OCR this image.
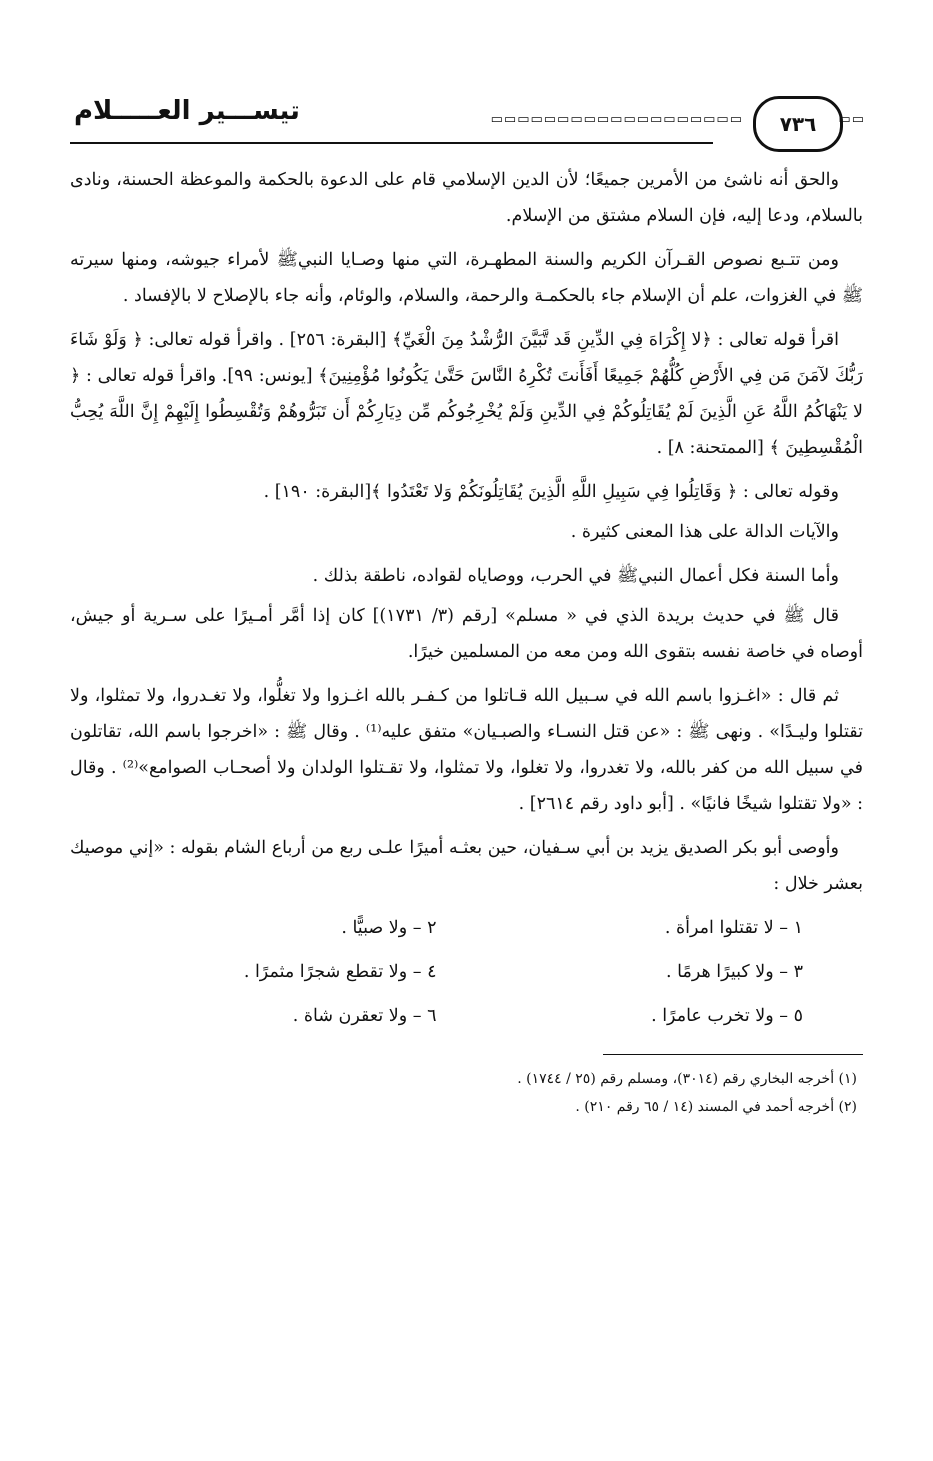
▭▭
٧٣٦
▭▭▭▭▭▭▭▭▭▭▭▭▭▭▭▭▭▭▭
تيســـير العـــــلام

والحق أنه ناشئ من الأمرين جميعًا؛ لأن الدين الإسلامي قام على الدعوة بالحكمة والموعظة الحسنة، ونادى بالسلام، ودعا إليه، فإن السلام مشتق من الإسلام.

ومن تتـبع نصوص القـرآن الكريم والسنة المطهـرة، التي منها وصـايا النبيﷺ لأمراء جيوشه، ومنها سيرته ﷺ في الغزوات، علم أن الإسلام جاء بالحكمـة والرحمة، والسلام، والوئام، وأنه جاء بالإصلاح لا بالإفساد .

اقرأ قوله تعالى : ﴿لا إِكْرَاهَ فِي الدِّينِ قَد تَّبَيَّنَ الرُّشْدُ مِنَ الْغَيِّ﴾ [البقرة: ٢٥٦] . واقرأ قوله تعالى: ﴿ وَلَوْ شَاءَ رَبُّكَ لآمَنَ مَن فِي الأَرْضِ كُلُّهُمْ جَمِيعًا أَفَأَنتَ تُكْرِهُ النَّاسَ حَتَّىٰ يَكُونُوا مُؤْمِنِينَ﴾ [يونس: ٩٩]. واقرأ قوله تعالى : ﴿ لا يَنْهَاكُمُ اللَّهُ عَنِ الَّذِينَ لَمْ يُقَاتِلُوكُمْ فِي الدِّينِ وَلَمْ يُخْرِجُوكُم مِّن دِيَارِكُمْ أَن تَبَرُّوهُمْ وَتُقْسِطُوا إِلَيْهِمْ إِنَّ اللَّهَ يُحِبُّ الْمُقْسِطِينَ ﴾ [الممتحنة: ٨] .

وقوله تعالى : ﴿ وَقَاتِلُوا فِي سَبِيلِ اللَّهِ الَّذِينَ يُقَاتِلُونَكُمْ وَلا تَعْتَدُوا ﴾[البقرة: ١٩٠] .

والآيات الدالة على هذا المعنى كثيرة .

وأما السنة فكل أعمال النبيﷺ في الحرب، ووصاياه لقواده، ناطقة بذلك .

قال ﷺ في حديث بريدة الذي في « مسلم» [رقم (٣/ ١٧٣١)] كان إذا أمَّر أمـيرًا على سـرية أو جيش، أوصاه في خاصة نفسه بتقوى الله ومن معه من المسلمين خيرًا.

ثم قال : «اغـزوا باسم الله في سـبيل الله قـاتلوا من كـفـر بالله اغـزوا ولا تغلُّوا، ولا تغـدروا، ولا تمثلوا، ولا تقتلوا وليـدًا» . ونهى ﷺ : «عن قتل النسـاء والصبـيان» متفق عليه⁽¹⁾ . وقال ﷺ : «اخرجوا باسم الله، تقاتلون في سبيل الله من كفر بالله، ولا تغدروا، ولا تغلوا، ولا تمثلوا، ولا تقـتلوا الولدان ولا أصحـاب الصوامع»⁽²⁾ . وقال : «ولا تقتلوا شيخًا فانيًا» . [أبو داود رقم ٢٦١٤] .

وأوصى أبو بكر الصديق يزيد بن أبي سـفيان، حين بعثـه أميرًا علـى ربع من أرباع الشام بقوله : «إني موصيك بعشر خلال :

١ – لا تقتلوا امرأة .

٢ – ولا صبيًّا .

٣ – ولا كبيرًا هرمًا .

٤ – ولا تقطع شجرًا مثمرًا .

٥ – ولا تخرب عامرًا .

٦ – ولا تعقرن شاة .

(١) أخرجه البخاري رقم (٣٠١٤)، ومسلم رقم (٢٥ / ١٧٤٤) .

(٢) أخرجه أحمد في المسند (١٤ / ٦٥ رقم ٢١٠) .
